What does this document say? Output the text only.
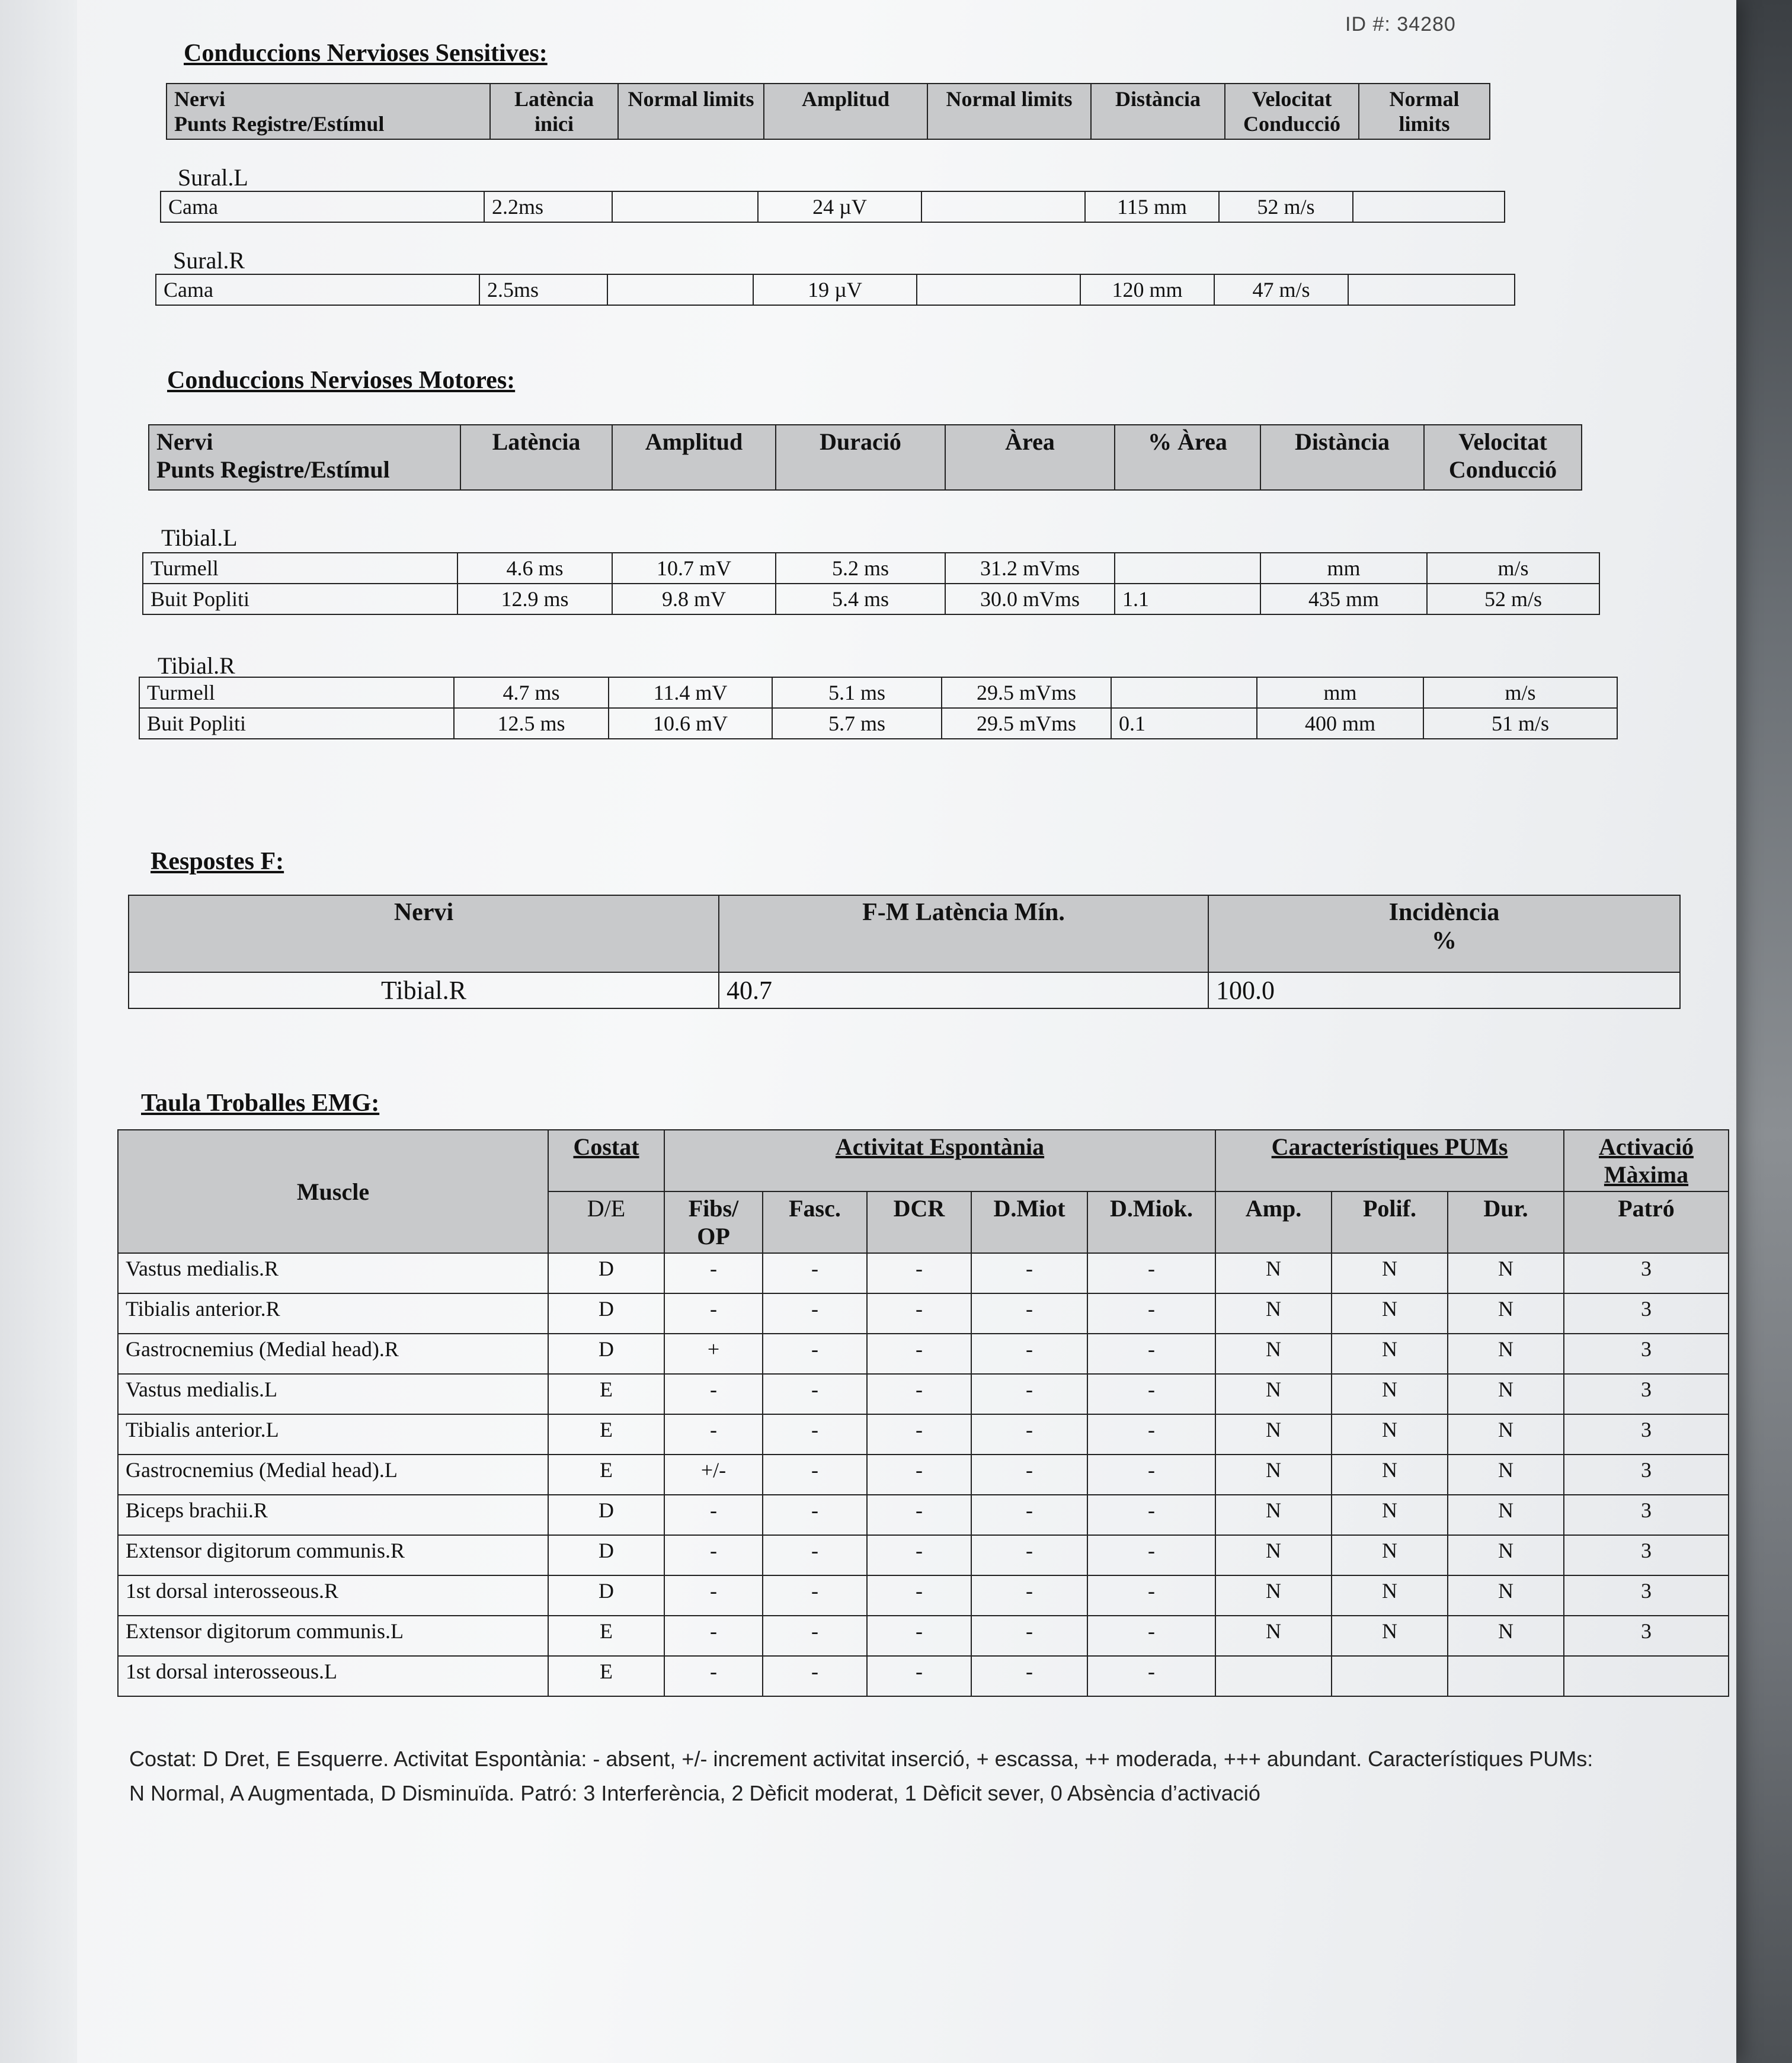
ID #: 34280
Conduccions Nervioses Sensitives:
Nervi
Punts Registre/Estímul
	Latència inici	Normal limits	Amplitud	Normal limits	Distància	Velocitat Conducció	Normal limits
Sural.L
Cama	2.2ms		24 µV		115 mm	52 m/s	
Sural.R
Cama	2.5ms		19 µV		120 mm	47 m/s	
Conduccions Nervioses Motores:
Nervi
Punts Registre/Estímul
	Latència	Amplitud	Duració	Àrea	% Àrea	Distància	Velocitat Conducció
Tibial.L
Turmell	4.6 ms	10.7 mV	5.2 ms	31.2 mVms		mm	m/s
Buit Popliti	12.9 ms	9.8 mV	5.4 ms	30.0 mVms	1.1	435 mm	52 m/s
Tibial.R
Turmell	4.7 ms	11.4 mV	5.1 ms	29.5 mVms		mm	m/s
Buit Popliti	12.5 ms	10.6 mV	5.7 ms	29.5 mVms	0.1	400 mm	51 m/s
Respostes F:
Nervi	F-M Latència Mín.	Incidència
%

Tibial.R	40.7	100.0
Taula Troballes EMG:
Muscle	Costat	Activitat Espontània					Característiques PUMs			Activació Màxima
	D/E	Fibs/ OP	Fasc.	DCR	D.Miot	D.Miok.	Amp.	Polif.	Dur.	Patró
Vastus medialis.R	D	-	-	-	-	-	N	N	N	3
Tibialis anterior.R	D	-	-	-	-	-	N	N	N	3
Gastrocnemius (Medial head).R	D	+	-	-	-	-	N	N	N	3
Vastus medialis.L	E	-	-	-	-	-	N	N	N	3
Tibialis anterior.L	E	-	-	-	-	-	N	N	N	3
Gastrocnemius (Medial head).L	E	+/-	-	-	-	-	N	N	N	3
Biceps brachii.R	D	-	-	-	-	-	N	N	N	3
Extensor digitorum communis.R	D	-	-	-	-	-	N	N	N	3
1st dorsal interosseous.R	D	-	-	-	-	-	N	N	N	3
Extensor digitorum communis.L	E	-	-	-	-	-	N	N	N	3
1st dorsal interosseous.L	E	-	-	-	-	-				
Costat: D Dret, E Esquerre. Activitat Espontània: - absent, +/- increment activitat inserció, + escassa, ++ moderada, +++ abundant. Característiques PUMs:
N Normal, A Augmentada, D Disminuïda. Patró: 3 Interferència, 2 Dèficit moderat, 1 Dèficit sever, 0 Absència d’activació
